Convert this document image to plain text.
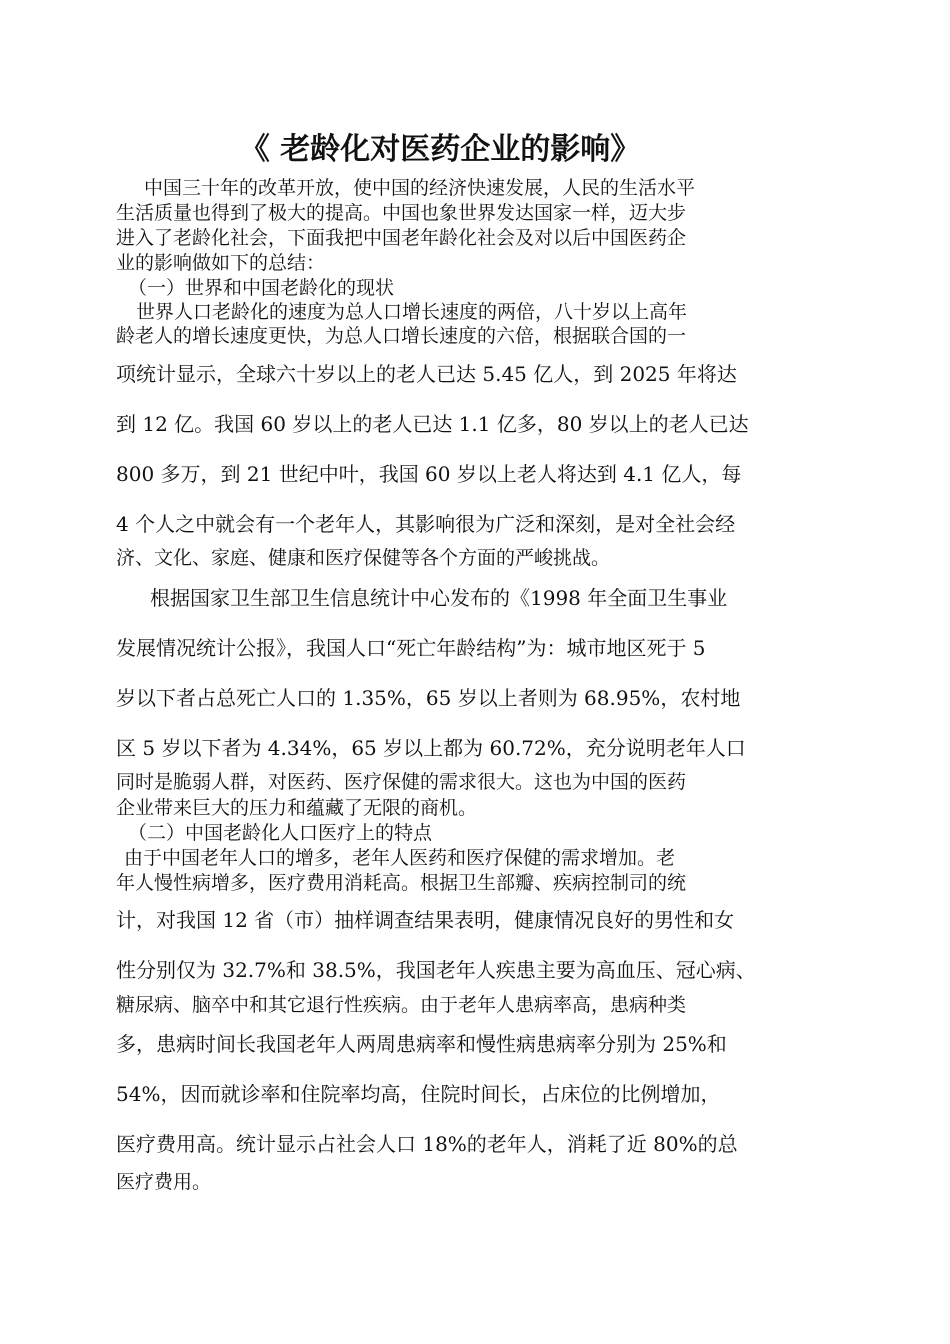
《 老龄化对医药企业的影响》
中国三十年的改革开放，使中国的经济快速发展，人民的生活水平
生活质量也得到了极大的提高。中国也象世界发达国家一样，迈大步
进入了老龄化社会，下面我把中国老年龄化社会及对以后中国医药企
业的影响做如下的总结：
（一）世界和中国老龄化的现状
世界人口老龄化的速度为总人口增长速度的两倍，八十岁以上高年
龄老人的增长速度更快，为总人口增长速度的六倍，根据联合国的一
项统计显示，全球六十岁以上的老人已达 5.45 亿人，到 2025 年将达
到 12 亿。我国 60 岁以上的老人已达 1.1 亿多，80 岁以上的老人已达
800 多万，到 21 世纪中叶，我国 60 岁以上老人将达到 4.1 亿人，每
4 个人之中就会有一个老年人，其影响很为广泛和深刻，是对全社会经
济、文化、家庭、健康和医疗保健等各个方面的严峻挑战。
根据国家卫生部卫生信息统计中心发布的《1998 年全面卫生事业
发展情况统计公报》，我国人口“死亡年龄结构”为：城市地区死于 5
岁以下者占总死亡人口的 1.35%，65 岁以上者则为 68.95%，农村地
区 5 岁以下者为 4.34%，65 岁以上都为 60.72%，充分说明老年人口
同时是脆弱人群，对医药、医疗保健的需求很大。这也为中国的医药
企业带来巨大的压力和蕴藏了无限的商机。
（二）中国老龄化人口医疗上的特点
由于中国老年人口的增多，老年人医药和医疗保健的需求增加。老
年人慢性病增多，医疗费用消耗高。根据卫生部瓣、疾病控制司的统
计，对我国 12 省（市）抽样调查结果表明，健康情况良好的男性和女
性分别仅为 32.7%和 38.5%，我国老年人疾患主要为高血压、冠心病、
糖尿病、脑卒中和其它退行性疾病。由于老年人患病率高，患病种类
多，患病时间长我国老年人两周患病率和慢性病患病率分别为 25%和
54%，因而就诊率和住院率均高，住院时间长，占床位的比例增加，
医疗费用高。统计显示占社会人口 18%的老年人，消耗了近 80%的总
医疗费用。
